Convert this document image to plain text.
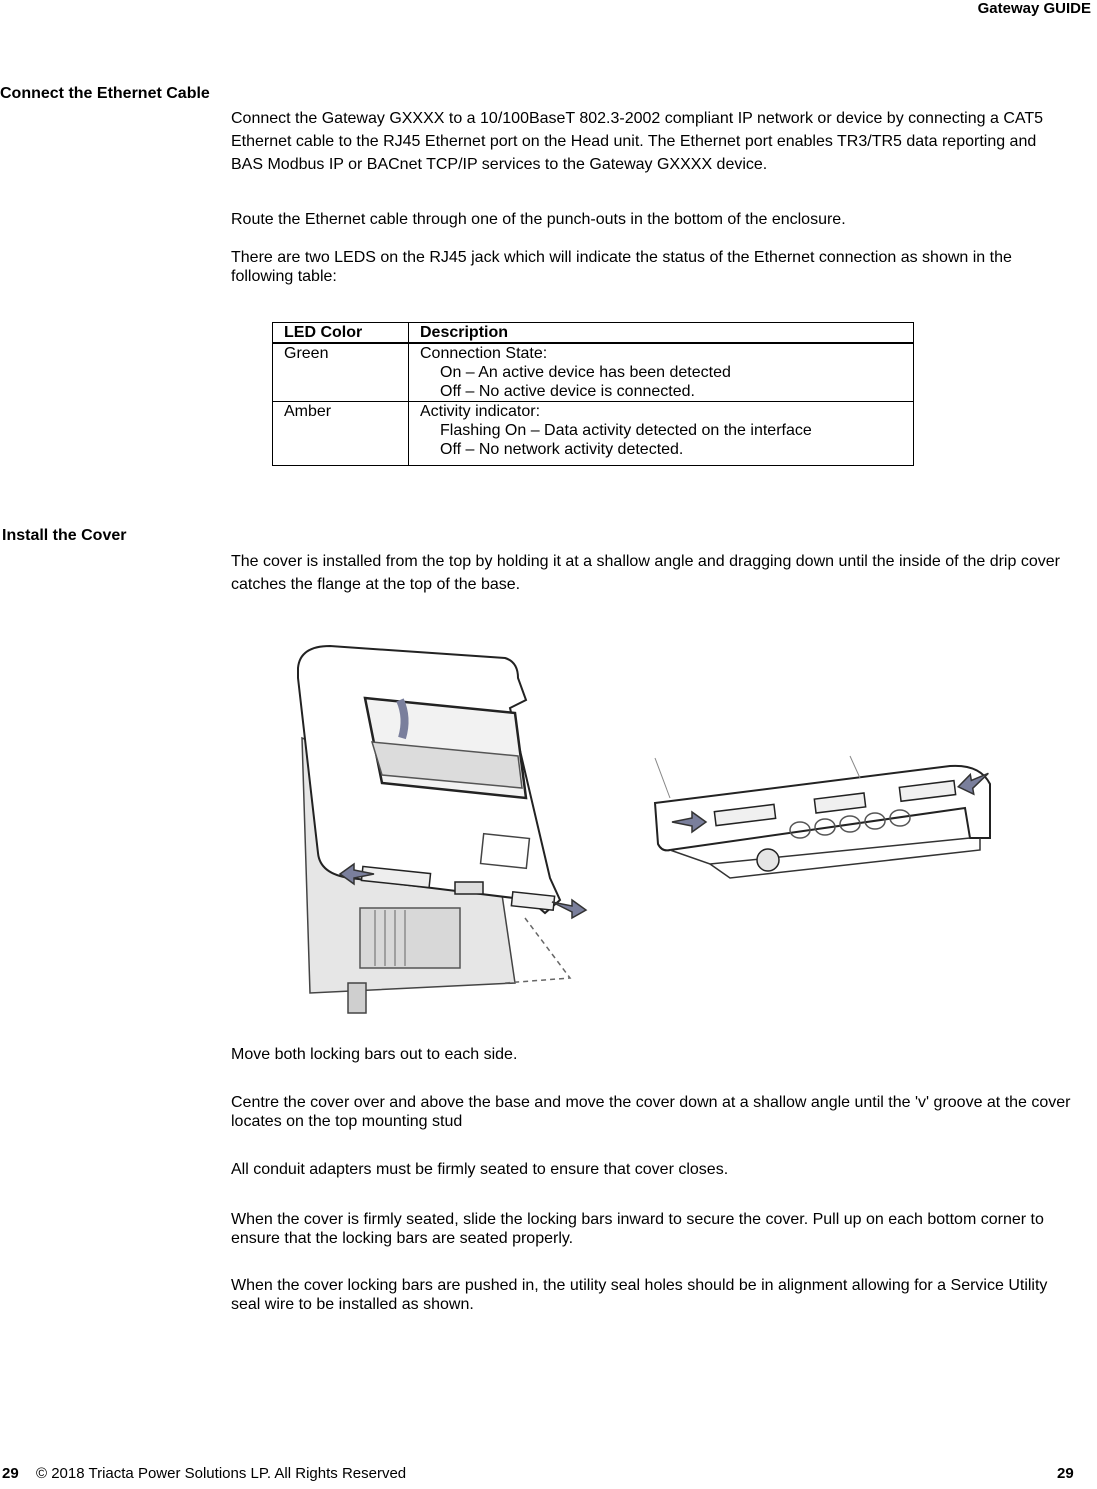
Gateway GUIDE
Connect the Ethernet Cable
Connect the Gateway GXXXX to a 10/100BaseT 802.3-2002 compliant IP network or device by connecting a CAT5 Ethernet cable to the RJ45 Ethernet port on the Head unit. The Ethernet port enables TR3/TR5 data reporting and BAS Modbus IP or BACnet TCP/IP services to the Gateway GXXXX device.
Route the Ethernet cable through one of the punch-outs in the bottom of the enclosure.
There are two LEDS on the RJ45 jack which will indicate the status of the Ethernet connection as shown in the following table:
LED Color	Description
Green	Connection State:
On – An active device has been detected
Off – No active device is connected.

Amber	Activity indicator:
Flashing On – Data activity detected on the interface
Off – No network activity detected.
Install the Cover
The cover is installed from the top by holding it at a shallow angle and dragging down until the inside of the drip cover catches the flange at the top of the base.
Move both locking bars out to each side.
Centre the cover over and above the base and move the cover down at a shallow angle until the 'v' groove at the cover locates on the top mounting stud
All conduit adapters must be firmly seated to ensure that cover closes.
When the cover is firmly seated, slide the locking bars inward to secure the cover. Pull up on each bottom corner to ensure that the locking bars are seated properly.
When the cover locking bars are pushed in, the utility seal holes should be in alignment allowing for a Service Utility seal wire to be installed as shown.
29 © 2018 Triacta Power Solutions LP. All Rights Reserved	29
